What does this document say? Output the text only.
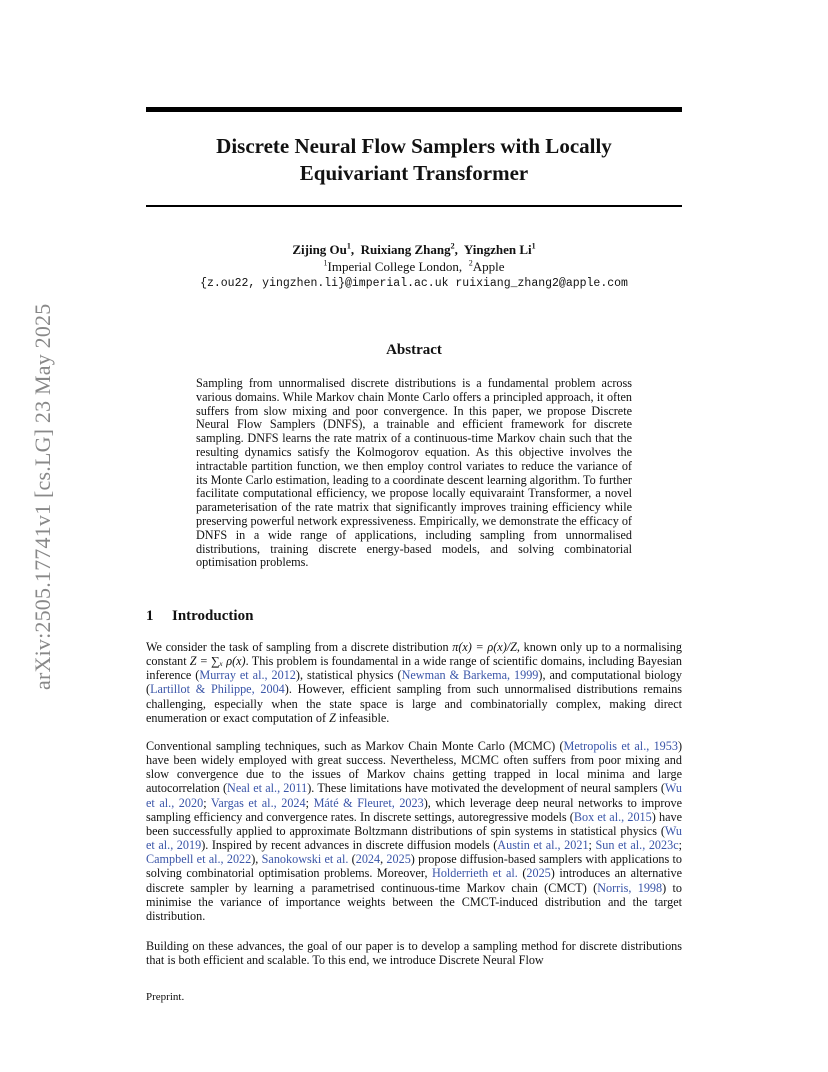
arXiv:2505.17741v1 [cs.LG] 23 May 2025
Discrete Neural Flow Samplers with Locally
Equivariant Transformer
Zijing Ou$^1$,  Ruixiang Zhang$^2$,  Yingzhen Li$^1$
$^1$Imperial College London, $^2$Apple
{z.ou22, yingzhen.li}@imperial.ac.uk ruixiang_zhang2@apple.com
Abstract
Sampling from unnormalised discrete distributions is a fundamental problem across various domains. While Markov chain Monte Carlo offers a principled approach, it often suffers from slow mixing and poor convergence. In this paper, we propose Discrete Neural Flow Samplers (DNFS), a trainable and efficient framework for discrete sampling. DNFS learns the rate matrix of a continuous-time Markov chain such that the resulting dynamics satisfy the Kolmogorov equation. As this objective involves the intractable partition function, we then employ control variates to reduce the variance of its Monte Carlo estimation, leading to a coordinate descent learning algorithm. To further facilitate computational efficiency, we propose locally equivaraint Transformer, a novel parameterisation of the rate matrix that significantly improves training efficiency while preserving powerful network expressiveness. Empirically, we demonstrate the efficacy of DNFS in a wide range of applications, including sampling from unnormalised distributions, training discrete energy-based models, and solving combinatorial optimisation problems.
1 Introduction
We consider the task of sampling from a discrete distribution π(x) = ρ(x)/Z, known only up to a normalising constant Z = ∑ₓ ρ(x). This problem is foundamental in a wide range of scientific domains, including Bayesian inference (Murray et al., 2012), statistical physics (Newman & Barkema, 1999), and computational biology (Lartillot & Philippe, 2004). However, efficient sampling from such unnormalised distributions remains challenging, especially when the state space is large and combinatorially complex, making direct enumeration or exact computation of Z infeasible.
Conventional sampling techniques, such as Markov Chain Monte Carlo (MCMC) (Metropolis et al., 1953) have been widely employed with great success. Nevertheless, MCMC often suffers from poor mixing and slow convergence due to the issues of Markov chains getting trapped in local minima and large autocorrelation (Neal et al., 2011). These limitations have motivated the development of neural samplers (Wu et al., 2020; Vargas et al., 2024; Máté & Fleuret, 2023), which leverage deep neural networks to improve sampling efficiency and convergence rates. In discrete settings, autoregressive models (Box et al., 2015) have been successfully applied to approximate Boltzmann distributions of spin systems in statistical physics (Wu et al., 2019). Inspired by recent advances in discrete diffusion models (Austin et al., 2021; Sun et al., 2023c; Campbell et al., 2022), Sanokowski et al. (2024, 2025) propose diffusion-based samplers with applications to solving combinatorial optimisation problems. Moreover, Holderrieth et al. (2025) introduces an alternative discrete sampler by learning a parametrised continuous-time Markov chain (CMCT) (Norris, 1998) to minimise the variance of importance weights between the CMCT-induced distribution and the target distribution.
Building on these advances, the goal of our paper is to develop a sampling method for discrete distributions that is both efficient and scalable. To this end, we introduce Discrete Neural Flow
Preprint.
